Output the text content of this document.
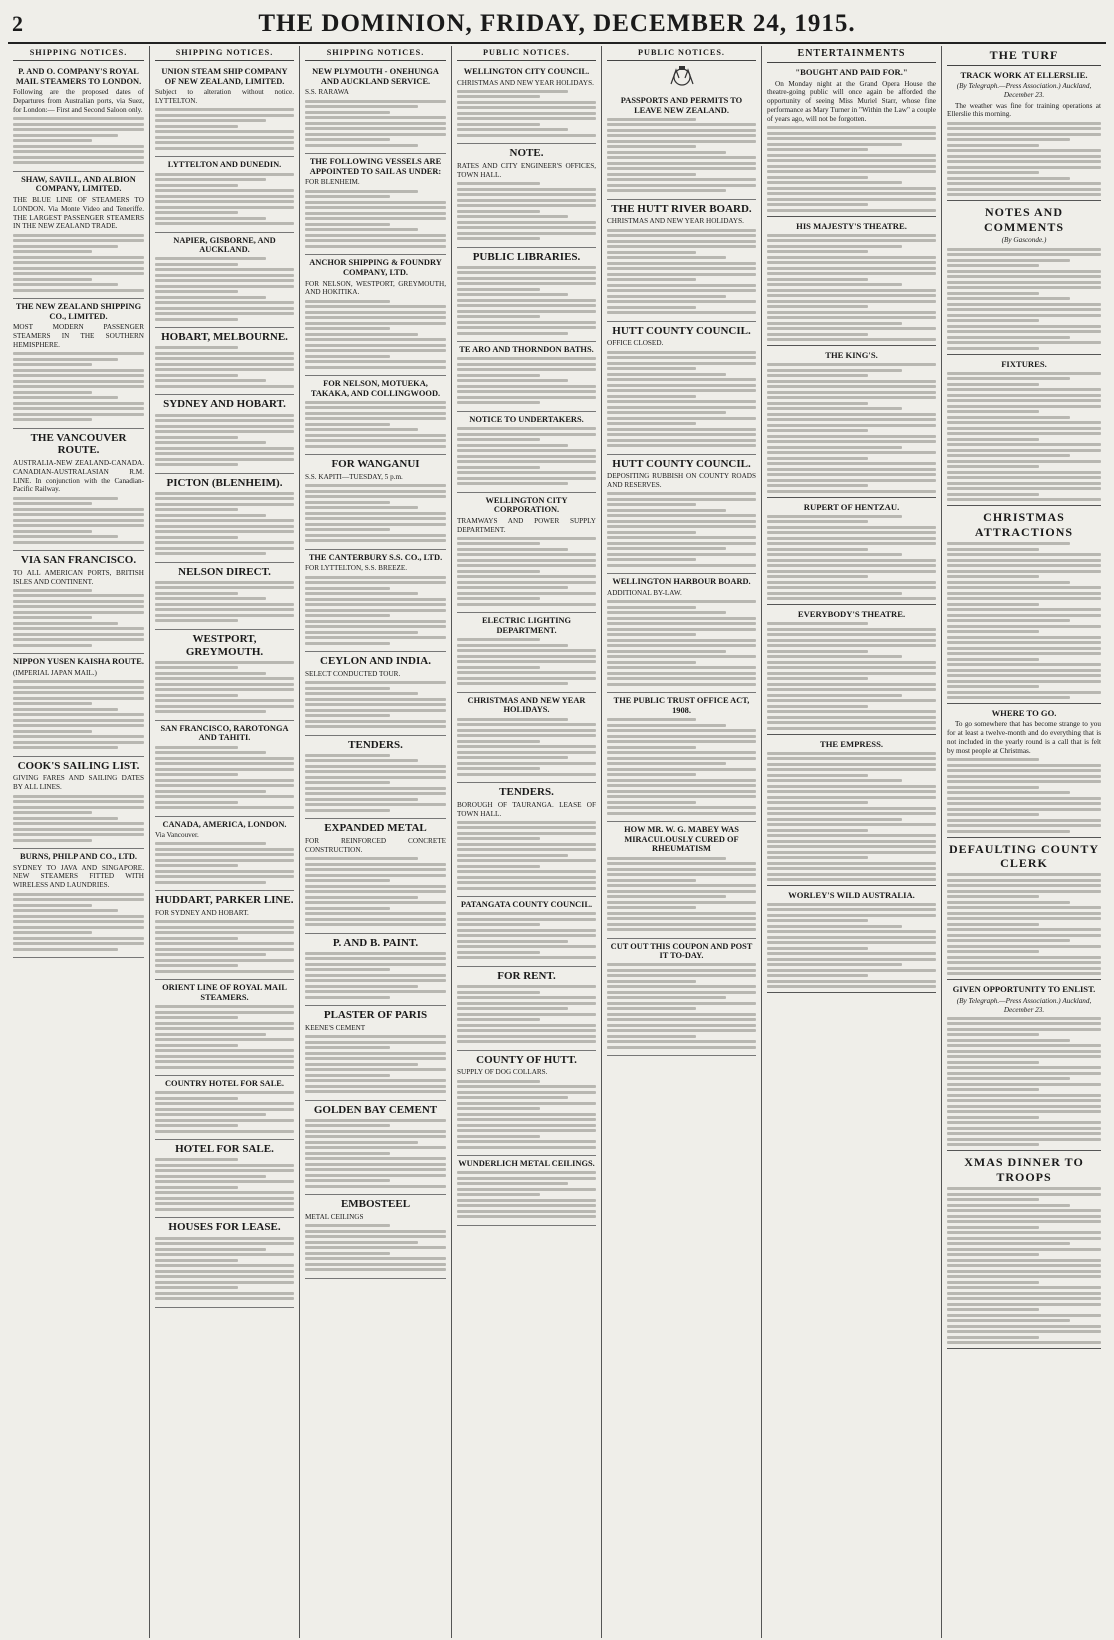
2	THE DOMINION, FRIDAY, DECEMBER 24, 1915.
SHIPPING NOTICES.
P. AND O. COMPANY'S ROYAL MAIL STEAMERS TO LONDON.
Following are the proposed dates of Departures from Australian ports, via Suez, for London:— First and Second Saloon only.
SHAW, SAVILL, AND ALBION COMPANY, LIMITED.
THE BLUE LINE OF STEAMERS TO LONDON. Via Monte Video and Teneriffe. THE LARGEST PASSENGER STEAMERS IN THE NEW ZEALAND TRADE.
THE NEW ZEALAND SHIPPING CO., LIMITED.
MOST MODERN PASSENGER STEAMERS IN THE SOUTHERN HEMISPHERE.
THE VANCOUVER ROUTE.
AUSTRALIA-NEW ZEALAND-CANADA. CANADIAN-AUSTRALASIAN R.M. LINE. In conjunction with the Canadian-Pacific Railway.
VIA SAN FRANCISCO.
TO ALL AMERICAN PORTS, BRITISH ISLES AND CONTINENT.
NIPPON YUSEN KAISHA ROUTE.
(IMPERIAL JAPAN MAIL.)
COOK'S SAILING LIST.
GIVING FARES AND SAILING DATES BY ALL LINES.
BURNS, PHILP AND CO., LTD.
SYDNEY TO JAVA AND SINGAPORE. NEW STEAMERS FITTED WITH WIRELESS AND LAUNDRIES.
SHIPPING NOTICES.
UNION STEAM SHIP COMPANY OF NEW ZEALAND, LIMITED.
Subject to alteration without notice. LYTTELTON.
LYTTELTON AND DUNEDIN.
NAPIER, GISBORNE, AND AUCKLAND.
HOBART, MELBOURNE.
SYDNEY AND HOBART.
PICTON (BLENHEIM).
NELSON DIRECT.
WESTPORT, GREYMOUTH.
SAN FRANCISCO, RAROTONGA AND TAHITI.
CANADA, AMERICA, LONDON.
Via Vancouver.
HUDDART, PARKER LINE.
FOR SYDNEY AND HOBART.
ORIENT LINE OF ROYAL MAIL STEAMERS.
COUNTRY HOTEL FOR SALE.
HOTEL FOR SALE.
HOUSES FOR LEASE.
SHIPPING NOTICES.
NEW PLYMOUTH - ONEHUNGA AND AUCKLAND SERVICE.
S.S. RARAWA
THE FOLLOWING VESSELS ARE APPOINTED TO SAIL AS UNDER:
FOR BLENHEIM.
ANCHOR SHIPPING & FOUNDRY COMPANY, LTD.
FOR NELSON, WESTPORT, GREYMOUTH, AND HOKITIKA.
FOR NELSON, MOTUEKA, TAKAKA, AND COLLINGWOOD.
FOR WANGANUI
S.S. KAPITI—TUESDAY, 5 p.m.
THE CANTERBURY S.S. CO., LTD.
FOR LYTTELTON, S.S. BREEZE.
CEYLON AND INDIA.
SELECT CONDUCTED TOUR.
TENDERS.
EXPANDED METAL
FOR REINFORCED CONCRETE CONSTRUCTION.
P. AND B. PAINT.
PLASTER OF PARIS
KEENE'S CEMENT
GOLDEN BAY CEMENT
EMBOSTEEL
METAL CEILINGS
PUBLIC NOTICES.
WELLINGTON CITY COUNCIL.
CHRISTMAS AND NEW YEAR HOLIDAYS.
NOTE.
RATES AND CITY ENGINEER'S OFFICES, TOWN HALL.
PUBLIC LIBRARIES.
TE ARO AND THORNDON BATHS.
NOTICE TO UNDERTAKERS.
WELLINGTON CITY CORPORATION.
TRAMWAYS AND POWER SUPPLY DEPARTMENT.
ELECTRIC LIGHTING DEPARTMENT.
CHRISTMAS AND NEW YEAR HOLIDAYS.
TENDERS.
BOROUGH OF TAURANGA. LEASE OF TOWN HALL.
PATANGATA COUNTY COUNCIL.
FOR RENT.
COUNTY OF HUTT.
SUPPLY OF DOG COLLARS.
WUNDERLICH METAL CEILINGS.
PUBLIC NOTICES.
PASSPORTS AND PERMITS TO LEAVE NEW ZEALAND.
THE HUTT RIVER BOARD.
CHRISTMAS AND NEW YEAR HOLIDAYS.
HUTT COUNTY COUNCIL.
OFFICE CLOSED.
HUTT COUNTY COUNCIL.
DEPOSITING RUBBISH ON COUNTY ROADS AND RESERVES.
WELLINGTON HARBOUR BOARD.
ADDITIONAL BY-LAW.
THE PUBLIC TRUST OFFICE ACT, 1908.
HOW MR. W. G. MABEY WAS MIRACULOUSLY CURED OF RHEUMATISM
CUT OUT THIS COUPON AND POST IT TO-DAY.
ENTERTAINMENTS
"BOUGHT AND PAID FOR."
On Monday night at the Grand Opera House the theatre-going public will once again be afforded the opportunity of seeing Miss Muriel Starr, whose fine performance as Mary Turner in "Within the Law" a couple of years ago, will not be forgotten.
HIS MAJESTY'S THEATRE.
THE KING'S.
RUPERT OF HENTZAU.
EVERYBODY'S THEATRE.
THE EMPRESS.
WORLEY'S WILD AUSTRALIA.
THE TURF
TRACK WORK AT ELLERSLIE.
(By Telegraph.—Press Association.) Auckland, December 23.
The weather was fine for training operations at Ellerslie this morning.
NOTES AND COMMENTS
(By Gasconde.)
FIXTURES.
CHRISTMAS ATTRACTIONS
WHERE TO GO.
To go somewhere that has become strange to you for at least a twelve-month and do everything that is not included in the yearly round is a call that is felt by most people at Christmas.
DEFAULTING COUNTY CLERK
GIVEN OPPORTUNITY TO ENLIST.
(By Telegraph.—Press Association.) Auckland, December 23.
XMAS DINNER TO TROOPS
